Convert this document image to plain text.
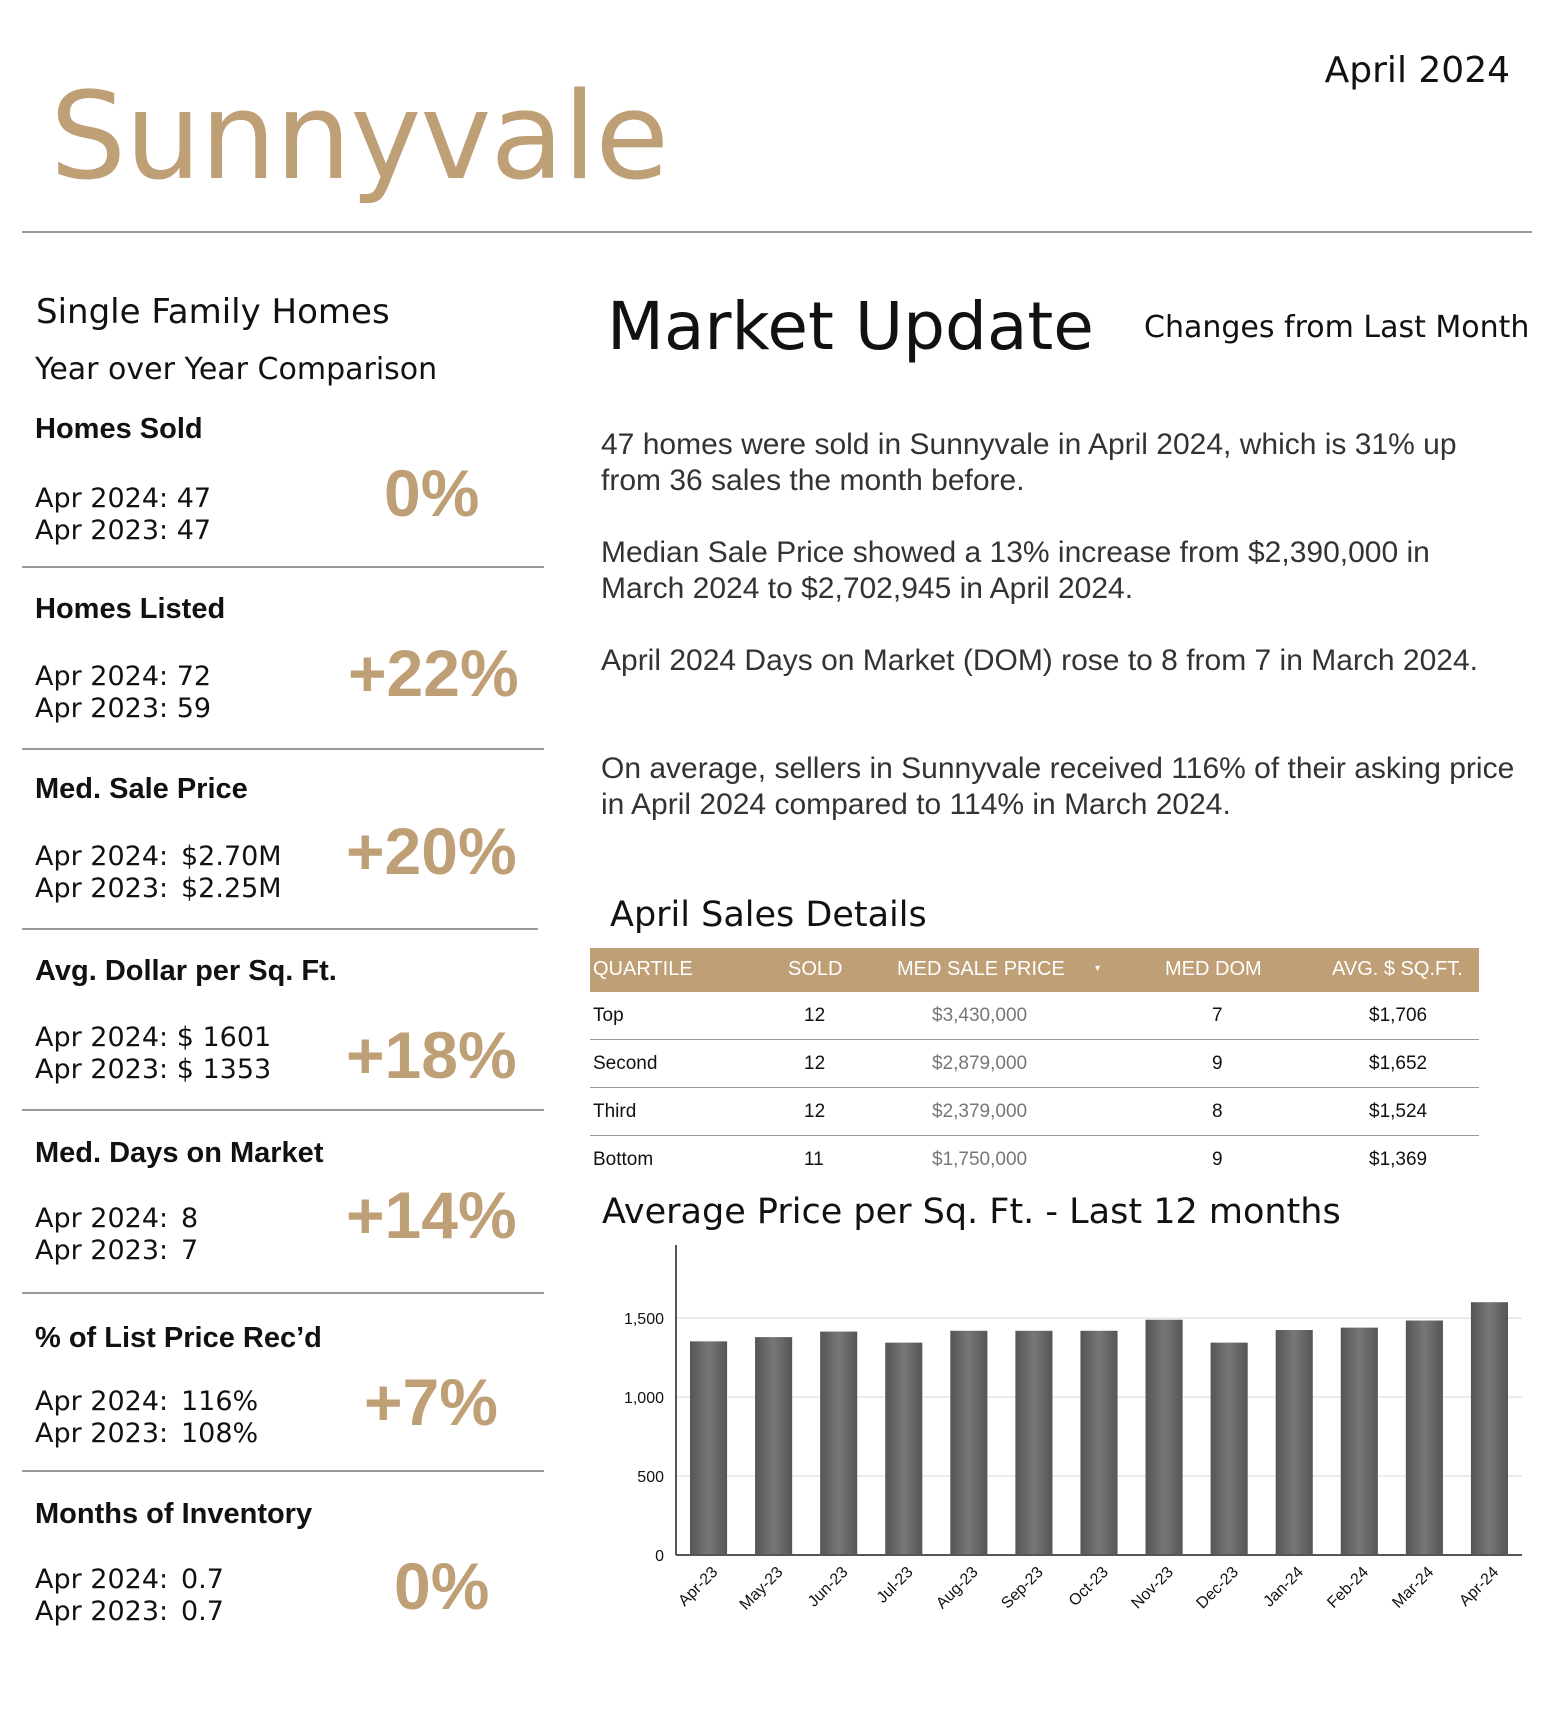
April 2024
Sunnyvale
Single Family Homes
Year over Year Comparison
Homes Sold
Apr 2024: 47
Apr 2023: 47
0%
Homes Listed
Apr 2024: 72
Apr 2023: 59 +22%
Med. Sale Price
Apr 2024: $2.70M
Apr 2023: $2.25M
+20%
Avg. Dollar per Sq. Ft.
Apr 2024: $ 1601
Apr 2023: $ 1353 +18%
Med. Days on Market
Apr 2024: 8
Apr 2023: 7 +14%
% of List Price Rec’d
Apr 2024: 116%
Apr 2023: 108% +7%
Months of Inventory
Apr 2024: 0.7
Apr 2023: 0.7	0%
Market Update Changes from Last Month
47 homes were sold in Sunnyvale in April 2024, which is 31% up from 36 sales the month before.
Median Sale Price showed a 13% increase from $2,390,000 in March 2024 to $2,702,945 in April 2024.
April 2024 Days on Market (DOM) rose to 8 from 7 in March 2024.
On average, sellers in Sunnyvale received 116% of their asking price in April 2024 compared to 114% in March 2024.
April Sales Details
QUARTILE	SOLD	MED SALE PRICE	▾	MED DOM	AVG. $ SQ.FT.
Top	12	$3,430,000	7	$1,706
Second	12	$2,879,000	9	$1,652
Third	12	$2,379,000	8	$1,524
Bottom	11	$1,750,000	9	$1,369
Average Price per Sq. Ft. - Last 12 months
0
500
1,000
1,500
Apr-23 May-23 Jun-23 Jul-23 Aug-23 Sep-23 Oct-23 Nov-23 Dec-23 Jan-24 Feb-24 Mar-24 Apr-24
